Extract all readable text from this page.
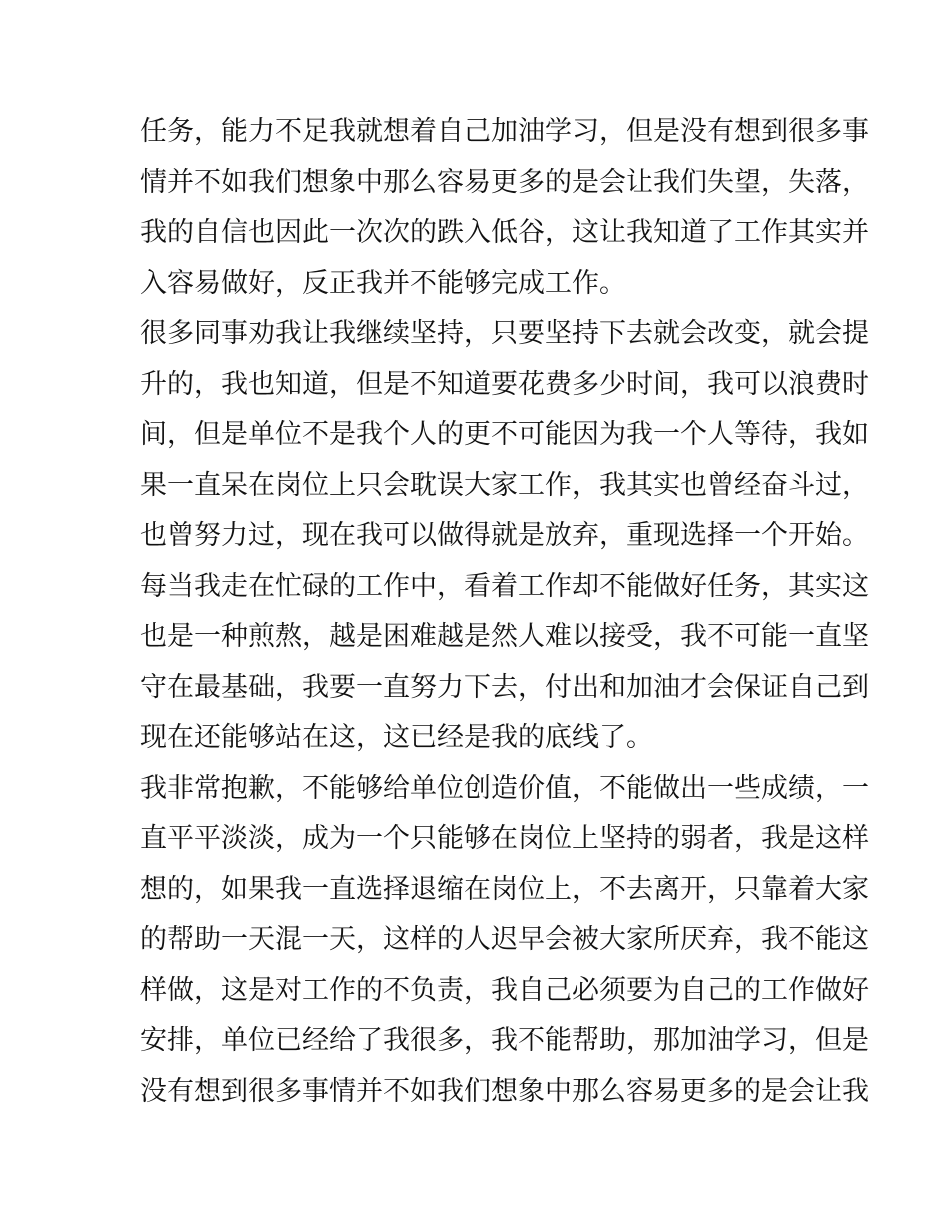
任务，能力不足我就想着自己加油学习，但是没有想到很多事
情并不如我们想象中那么容易更多的是会让我们失望，失落，
我的自信也因此一次次的跌入低谷，这让我知道了工作其实并
入容易做好，反正我并不能够完成工作。
很多同事劝我让我继续坚持，只要坚持下去就会改变，就会提
升的，我也知道，但是不知道要花费多少时间，我可以浪费时
间，但是单位不是我个人的更不可能因为我一个人等待，我如
果一直呆在岗位上只会耽误大家工作，我其实也曾经奋斗过，
也曾努力过，现在我可以做得就是放弃，重现选择一个开始。
每当我走在忙碌的工作中，看着工作却不能做好任务，其实这
也是一种煎熬，越是困难越是然人难以接受，我不可能一直坚
守在最基础，我要一直努力下去，付出和加油才会保证自己到
现在还能够站在这，这已经是我的底线了。
我非常抱歉，不能够给单位创造价值，不能做出一些成绩，一
直平平淡淡，成为一个只能够在岗位上坚持的弱者，我是这样
想的，如果我一直选择退缩在岗位上，不去离开，只靠着大家
的帮助一天混一天，这样的人迟早会被大家所厌弃，我不能这
样做，这是对工作的不负责，我自己必须要为自己的工作做好
安排，单位已经给了我很多，我不能帮助，那加油学习，但是
没有想到很多事情并不如我们想象中那么容易更多的是会让我
